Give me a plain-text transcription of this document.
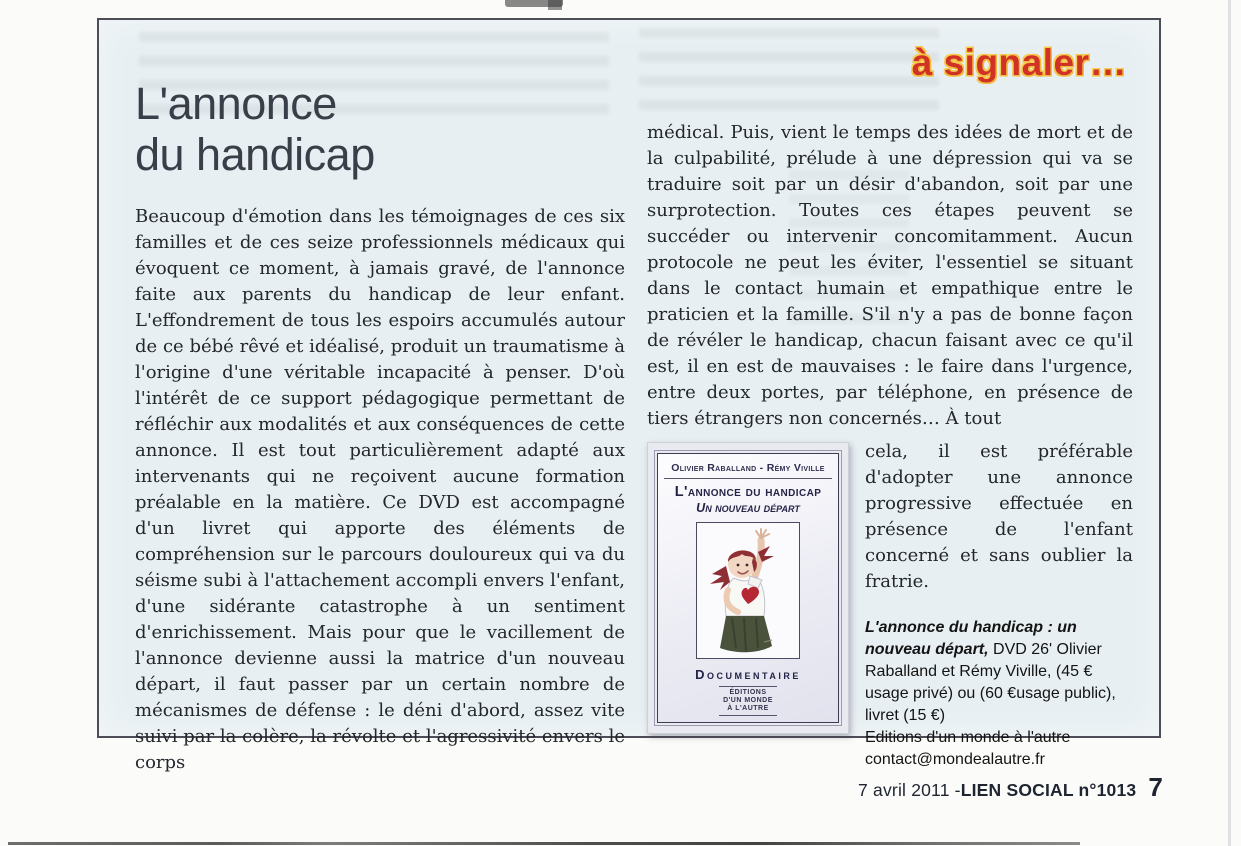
à signaler…
L'annonce
du handicap

Beaucoup d'émotion dans les témoignages de ces six familles et de ces seize professionnels médicaux qui évoquent ce moment, à jamais gravé, de l'annonce faite aux parents du handicap de leur enfant. L'effondrement de tous les espoirs accumulés autour de ce bébé rêvé et idéalisé, produit un traumatisme à l'origine d'une véritable incapacité à penser. D'où l'intérêt de ce support pédagogique permettant de réfléchir aux modalités et aux conséquences de cette annonce. Il est tout particulièrement adapté aux intervenants qui ne reçoivent aucune formation préalable en la matière. Ce DVD est accompagné d'un livret qui apporte des éléments de compréhension sur le parcours douloureux qui va du séisme subi à l'attachement accompli envers l'enfant, d'une sidérante catastrophe à un sentiment d'enrichissement. Mais pour que le vacillement de l'annonce devienne aussi la matrice d'un nouveau départ, il faut passer par un certain nombre de mécanismes de défense : le déni d'abord, assez vite suivi par la colère, la révolte et l'agressivité envers le corps

médical. Puis, vient le temps des idées de mort et de la culpabilité, prélude à une dépression qui va se traduire soit par un désir d'abandon, soit par une surprotection. Toutes ces étapes peuvent se succéder ou intervenir concomitamment. Aucun protocole ne peut les éviter, l'essentiel se situant dans le contact humain et empathique entre le praticien et la famille. S'il n'y a pas de bonne façon de révéler le handicap, chacun faisant avec ce qu'il est, il en est de mauvaises : le faire dans l'urgence, entre deux portes, par téléphone, en présence de tiers étrangers non concernés… À tout

Olivier Raballand - Rémy Viville
L'annonce du handicap
Un nouveau départ
Documentaire
ÉDITIONS
D'UN MONDE
À L'AUTRE

cela, il est préférable d'adopter une annonce progressive effectuée en présence de l'enfant concerné et sans oublier la fratrie.

L'annonce du handicap : un nouveau départ, DVD 26' Olivier Raballand et Rémy Viville, (45 € usage privé) ou (60 €usage public), livret (15 €)
Editions d'un monde à l'autre
contact@mondealautre.fr
7 avril 2011 - LIEN SOCIAL n°1013 7
